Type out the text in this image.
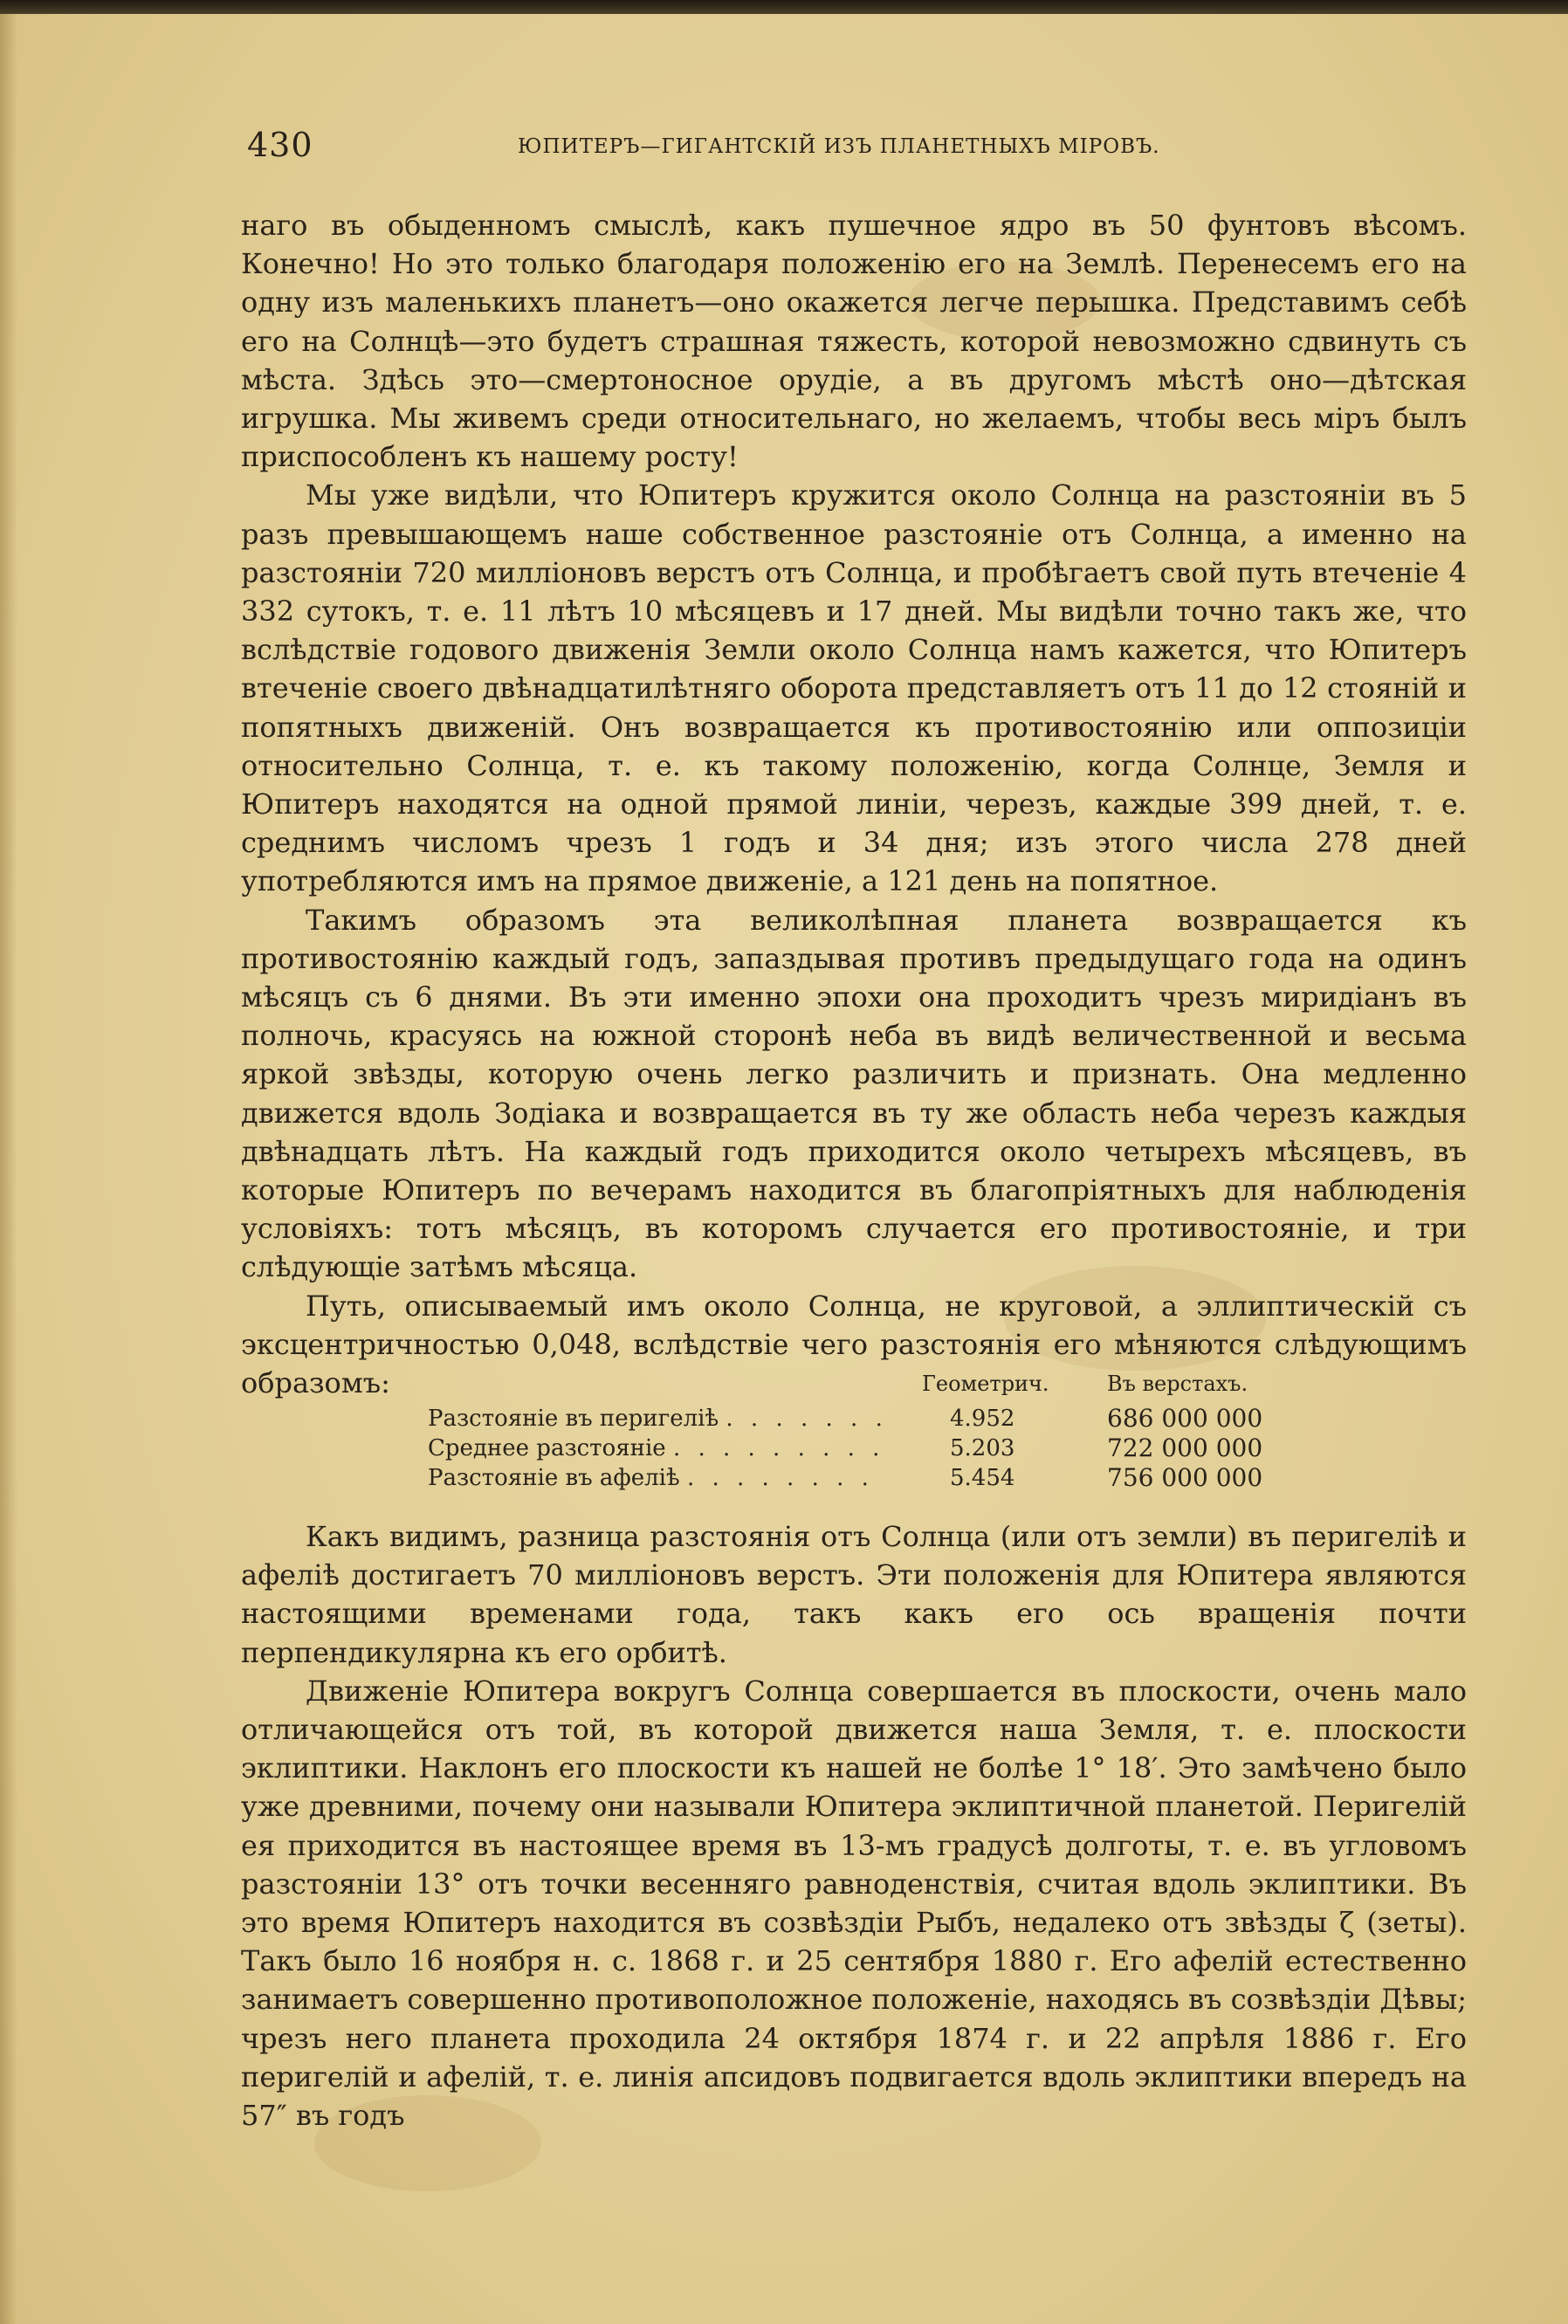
430	ЮПИТЕРЪ—ГИГАНТСКІЙ ИЗЪ ПЛАНЕТНЫХЪ МІРОВЪ.

наго въ обыденномъ смыслѣ, какъ пушечное ядро въ 50 фунтовъ вѣсомъ. Конечно! Но это только благодаря положенію его на Землѣ. Перенесемъ его на одну изъ маленькихъ планетъ—оно окажется легче перышка. Представимъ себѣ его на Солнцѣ—это будетъ страшная тяжесть, которой невозможно сдвинуть съ мѣста. Здѣсь это—смертоносное орудіе, а въ другомъ мѣстѣ оно—дѣтская игрушка. Мы живемъ среди относительнаго, но желаемъ, чтобы весь міръ былъ приспособленъ къ нашему росту!

Мы уже видѣли, что Юпитеръ кружится около Солнца на разстояніи въ 5 разъ превышающемъ наше собственное разстояніе отъ Солнца, а именно на разстояніи 720 милліоновъ верстъ отъ Солнца, и пробѣгаетъ свой путь втеченіе 4 332 сутокъ, т. е. 11 лѣтъ 10 мѣсяцевъ и 17 дней. Мы видѣли точно такъ же, что вслѣдствіе годового движенія Земли около Солнца намъ кажется, что Юпитеръ втеченіе своего двѣнадцатилѣтняго оборота представляетъ отъ 11 до 12 стояній и попятныхъ движеній. Онъ возвращается къ противостоянію или оппозиціи относительно Солнца, т. е. къ такому положенію, когда Солнце, Земля и Юпитеръ находятся на одной прямой линіи, черезъ, каждые 399 дней, т. е. среднимъ числомъ чрезъ 1 годъ и 34 дня; изъ этого числа 278 дней употребляются имъ на прямое движеніе, а 121 день на попятное.

Такимъ образомъ эта великолѣпная планета возвращается къ противостоянію каждый годъ, запаздывая противъ предыдущаго года на одинъ мѣсяцъ съ 6 днями. Въ эти именно эпохи она проходитъ чрезъ миридіанъ въ полночь, красуясь на южной сторонѣ неба въ видѣ величественной и весьма яркой звѣзды, которую очень легко различить и признать. Она медленно движется вдоль Зодіака и возвращается въ ту же область неба черезъ каждыя двѣнадцать лѣтъ. На каждый годъ приходится около четырехъ мѣсяцевъ, въ которые Юпитеръ по вечерамъ находится въ благопріятныхъ для наблюденія условіяхъ: тотъ мѣсяцъ, въ которомъ случается его противостояніе, и три слѣдующіе затѣмъ мѣсяца.

Путь, описываемый имъ около Солнца, не круговой, а эллиптическій съ эксцентричностью 0,048, вслѣдствіе чего разстоянія его мѣняются слѣдующимъ образомъ:	Геометрич.	Въ верстахъ.
Разстояніе въ перигеліѣ . . . . . . .	4.952	686 000 000
Среднее разстояніе . . . . . . . . .	5.203	722 000 000
Разстояніе въ афеліѣ . . . . . . . .	5.454	756 000 000

Какъ видимъ, разница разстоянія отъ Солнца (или отъ земли) въ перигеліѣ и афеліѣ достигаетъ 70 милліоновъ верстъ. Эти положенія для Юпитера являются настоящими временами года, такъ какъ его ось вращенія почти перпендикулярна къ его орбитѣ.

Движеніе Юпитера вокругъ Солнца совершается въ плоскости, очень мало отличающейся отъ той, въ которой движется наша Земля, т. е. плоскости эклиптики. Наклонъ его плоскости къ нашей не болѣе 1° 18′. Это замѣчено было уже древними, почему они называли Юпитера эклиптичной планетой. Перигелій ея приходится въ настоящее время въ 13-мъ градусѣ долготы, т. е. въ угловомъ разстояніи 13° отъ точки весенняго равноденствія, считая вдоль эклиптики. Въ это время Юпитеръ находится въ созвѣздіи Рыбъ, недалеко отъ звѣзды ζ (зеты). Такъ было 16 ноября н. с. 1868 г. и 25 сентября 1880 г. Его афелій естественно занимаетъ совершенно противоположное положеніе, находясь въ созвѣздіи Дѣвы; чрезъ него планета проходила 24 октября 1874 г. и 22 апрѣля 1886 г. Его перигелій и афелій, т. е. линія апсидовъ подвигается вдоль эклиптики впередъ на 57″ въ годъ
